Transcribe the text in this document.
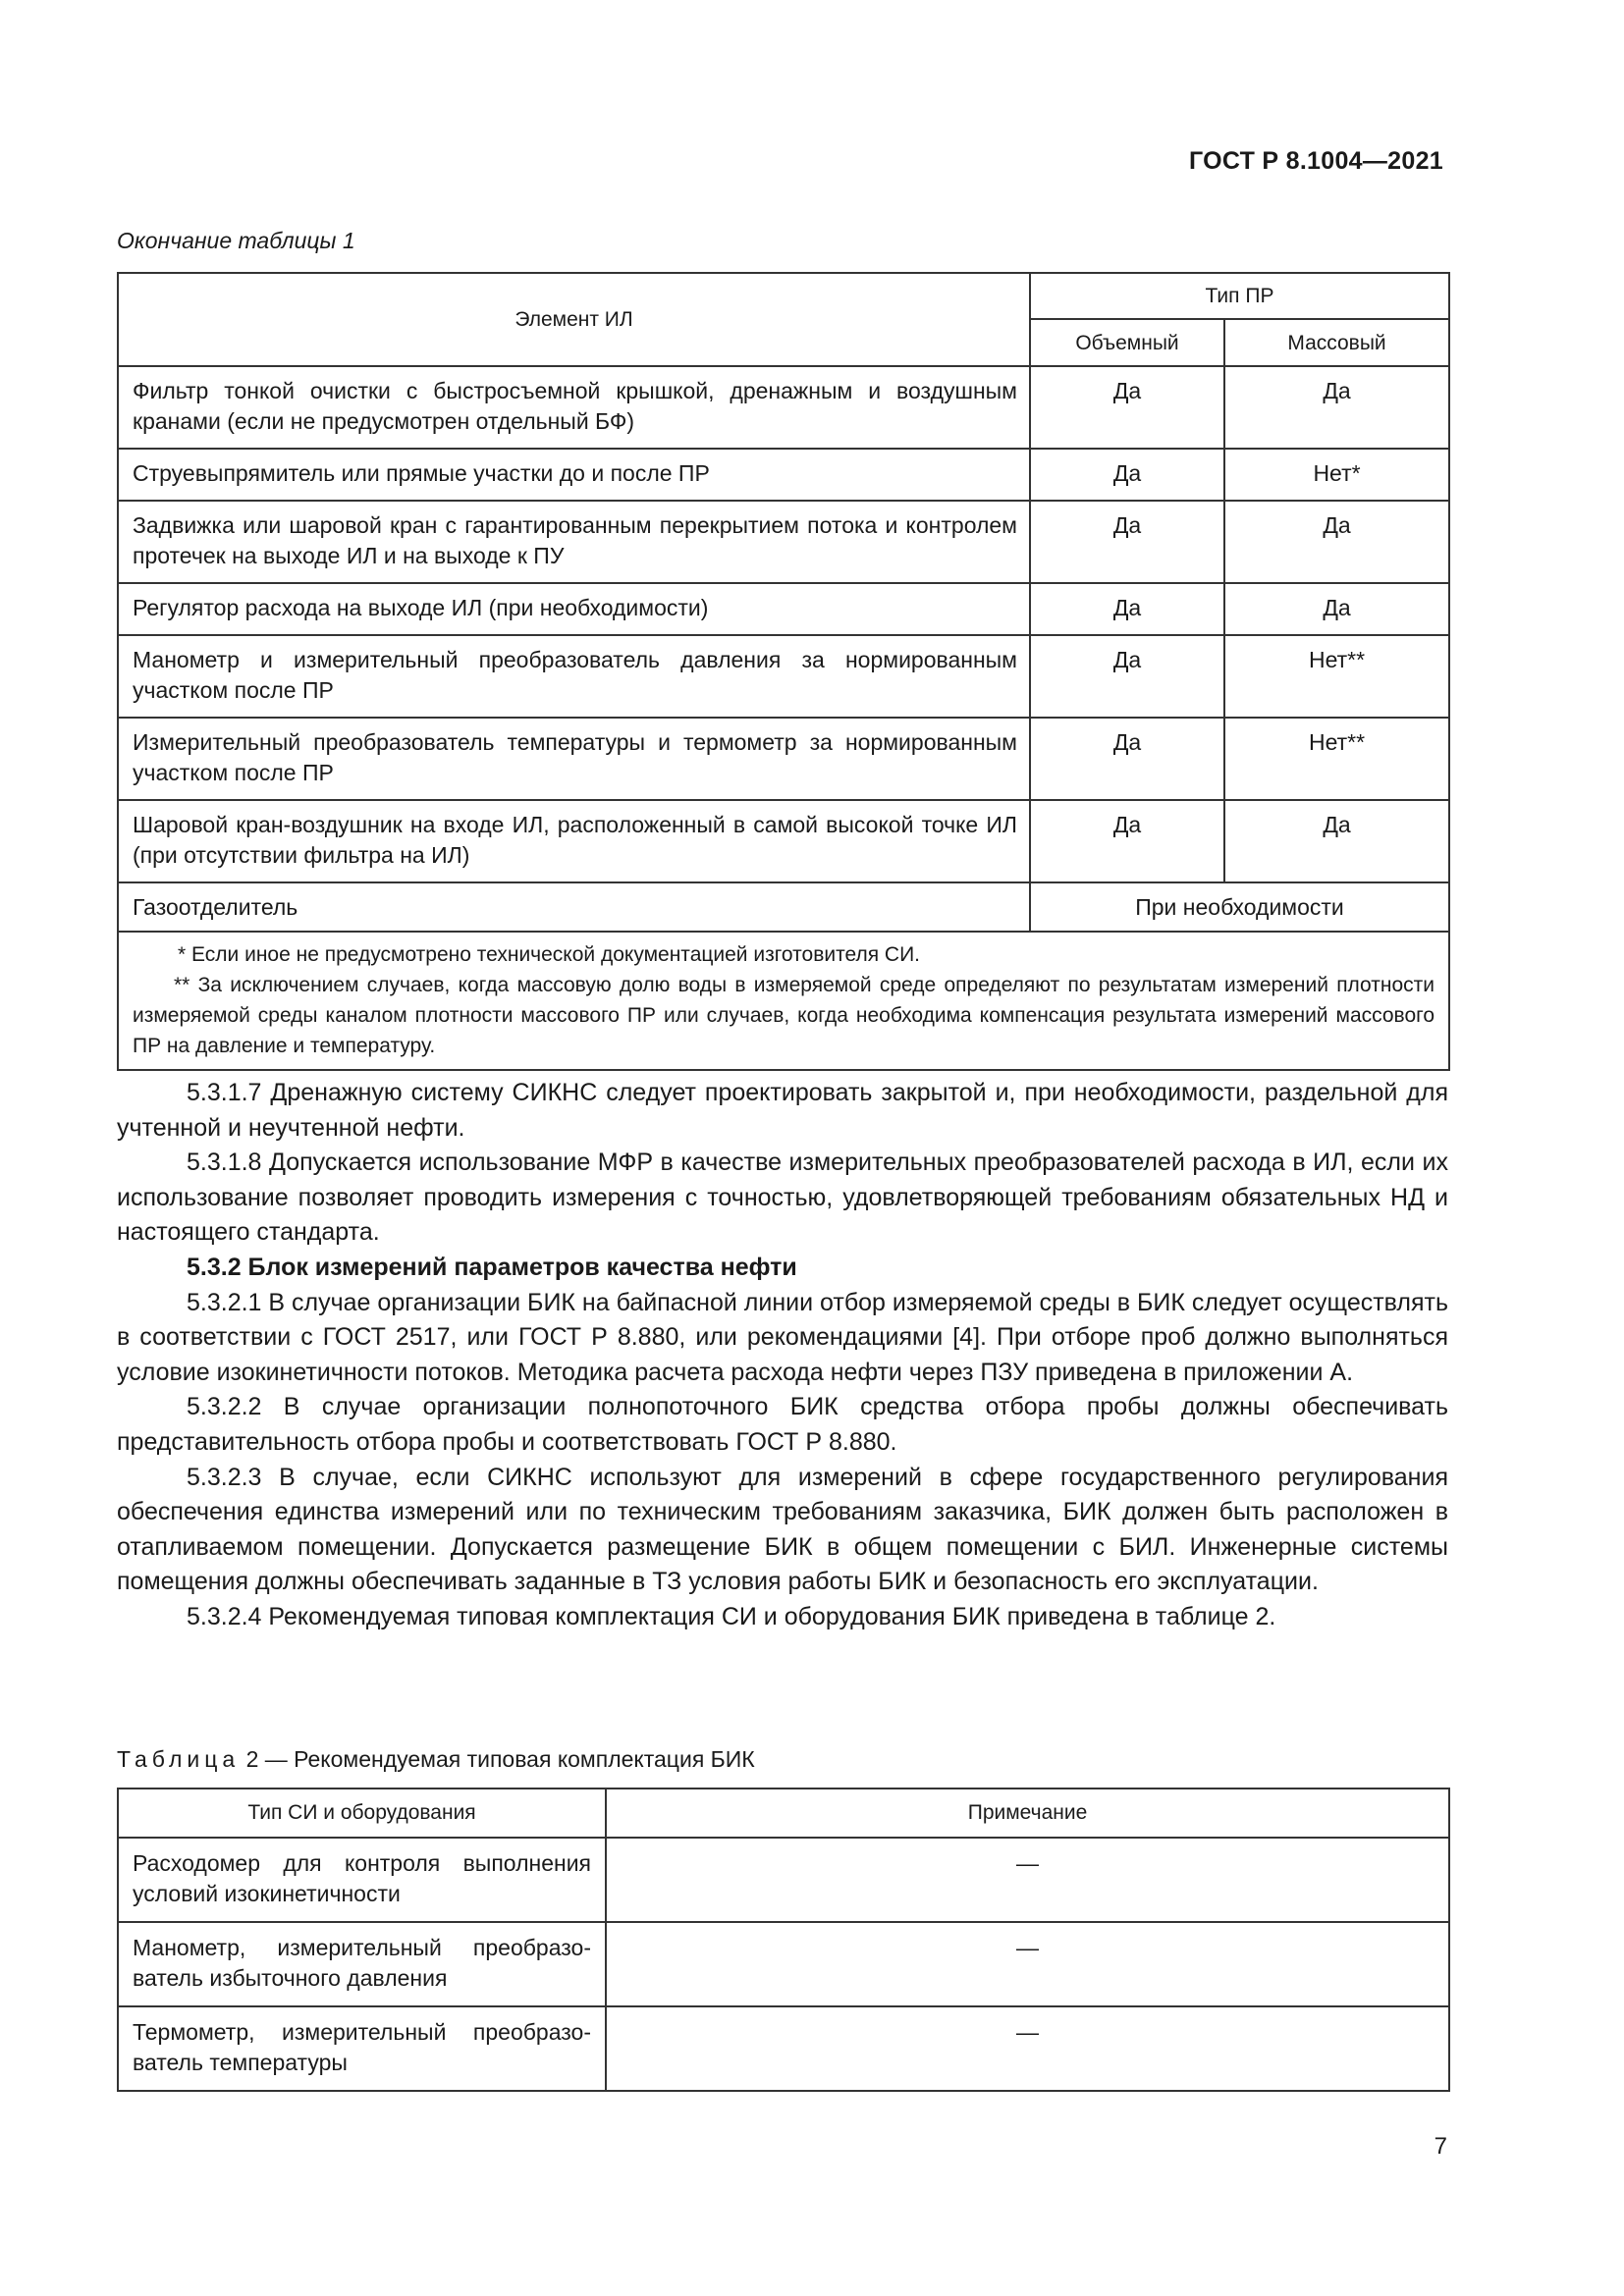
ГОСТ Р 8.1004—2021
Окончание таблицы 1
Элемент ИЛ	Тип ПР	
	Объемный	Массовый
Фильтр тонкой очистки с быстросъемной крышкой, дренажным и воздушным кранами (если не предусмотрен отдельный БФ)	Да	Да
Струевыпрямитель или прямые участки до и после ПР	Да	Нет*
Задвижка или шаровой кран с гарантированным перекрытием потока и контролем протечек на выходе ИЛ и на выходе к ПУ	Да	Да
Регулятор расхода на выходе ИЛ (при необходимости)	Да	Да
Манометр и измерительный преобразователь давления за нормированным участком после ПР	Да	Нет**
Измерительный преобразователь температуры и термометр за нормированным участком после ПР	Да	Нет**
Шаровой кран-воздушник на входе ИЛ, расположенный в самой высокой точке ИЛ (при отсутствии фильтра на ИЛ)	Да	Да
Газоотделитель	При необходимости	

* Если иное не предусмотрено технической документацией изготовителя СИ.
** За исключением случаев, когда массовую долю воды в измеряемой среде определяют по результатам измерений плотности измеряемой среды каналом плотности массового ПР или случаев, когда необходима компенсация результата измерений массового ПР на давление и температуру.		

5.3.1.7 Дренажную систему СИКНС следует проектировать закрытой и, при необходимости, раздельной для учтенной и неучтенной нефти.

5.3.1.8 Допускается использование МФР в качестве измерительных преобразователей расхода в ИЛ, если их использование позволяет проводить измерения с точностью, удовлетворяющей требованиям обязательных НД и настоящего стандарта.

5.3.2 Блок измерений параметров качества нефти

5.3.2.1 В случае организации БИК на байпасной линии отбор измеряемой среды в БИК следует осуществлять в соответствии с ГОСТ 2517, или ГОСТ Р 8.880, или рекомендациями [4]. При отборе проб должно выполняться условие изокинетичности потоков. Методика расчета расхода нефти через ПЗУ приведена в приложении А.

5.3.2.2 В случае организации полнопоточного БИК средства отбора пробы должны обеспечивать представительность отбора пробы и соответствовать ГОСТ Р 8.880.

5.3.2.3 В случае, если СИКНС используют для измерений в сфере государственного регулирования обеспечения единства измерений или по техническим требованиям заказчика, БИК должен быть расположен в отапливаемом помещении. Допускается размещение БИК в общем помещении с БИЛ. Инженерные системы помещения должны обеспечивать заданные в ТЗ условия работы БИК и безопасность его эксплуатации.

5.3.2.4 Рекомендуемая типовая комплектация СИ и оборудования БИК приведена в таблице 2.

Таблица 2 — Рекомендуемая типовая комплектация БИК
Тип СИ и оборудования	Примечание
Расходомер для контроля выполнения условий изокинетичности	—
Манометр, измерительный преобразователь избыточного давления	—
Термометр, измерительный преобразователь температуры	—
7
